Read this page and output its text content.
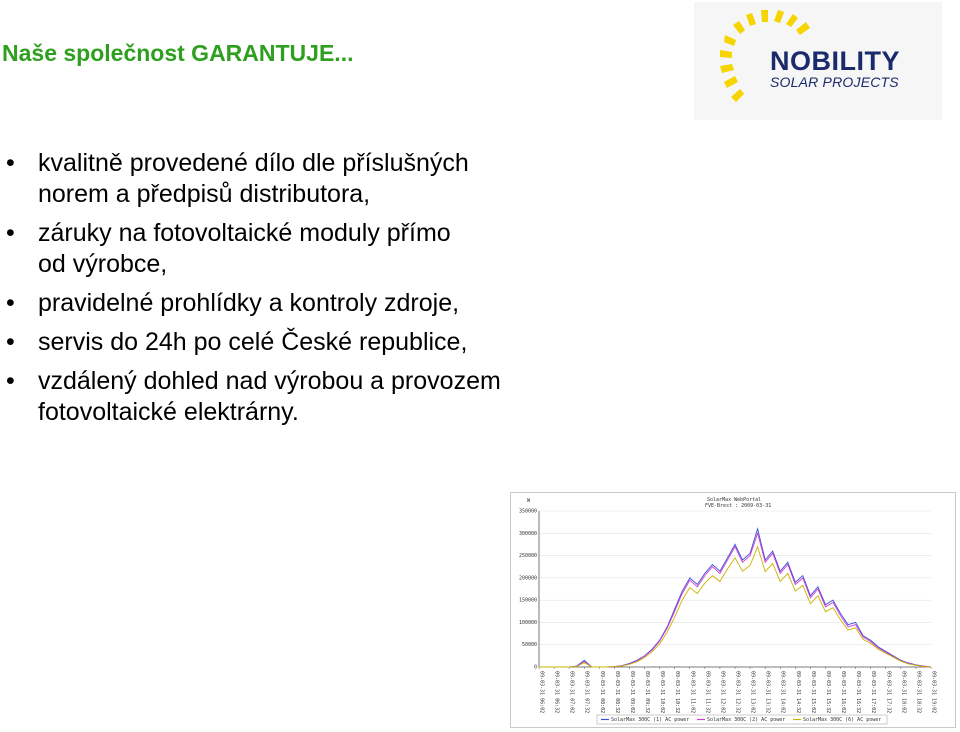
Naše společnost GARANTUJE...	NOBILITY
SOLAR PROJECTS
• kvalitně provedené dílo dle příslušných
norem a předpisů distributora,
• záruky na fotovoltaické moduly přímo
od výrobce,
• pravidelné prohlídky a kontroly zdroje,
• servis do 24h po celé České republice,
• vzdálený dohled nad výrobou a provozem
fotovoltaické elektrárny.
SolarMax WebPortal
FVE-Brest : 2009-03-31
W
0
50000
100000
150000
200000
250000
300000
350000
09-03-31 06:02 09-03-31 06:32 09-03-31 07:02 09-03-31 07:32 09-03-31 08:02 09-03-31 08:32 09-03-31 09:02 09-03-31 09:32 09-03-31 10:02 09-03-31 10:32 09-03-31 11:02 09-03-31 11:32 09-03-31 12:02 09-03-31 12:32 09-03-31 13:02 09-03-31 13:32 09-03-31 14:02 09-03-31 14:32 09-03-31 15:02 09-03-31 15:32 09-03-31 16:02 09-03-31 16:32 09-03-31 17:02 09-03-31 17:32 09-03-31 18:02 09-03-31 18:32 09-03-31 19:02
SolarMax 300C (1) AC power	SolarMax 300C (2) AC power	SolarMax 300C (6) AC power
